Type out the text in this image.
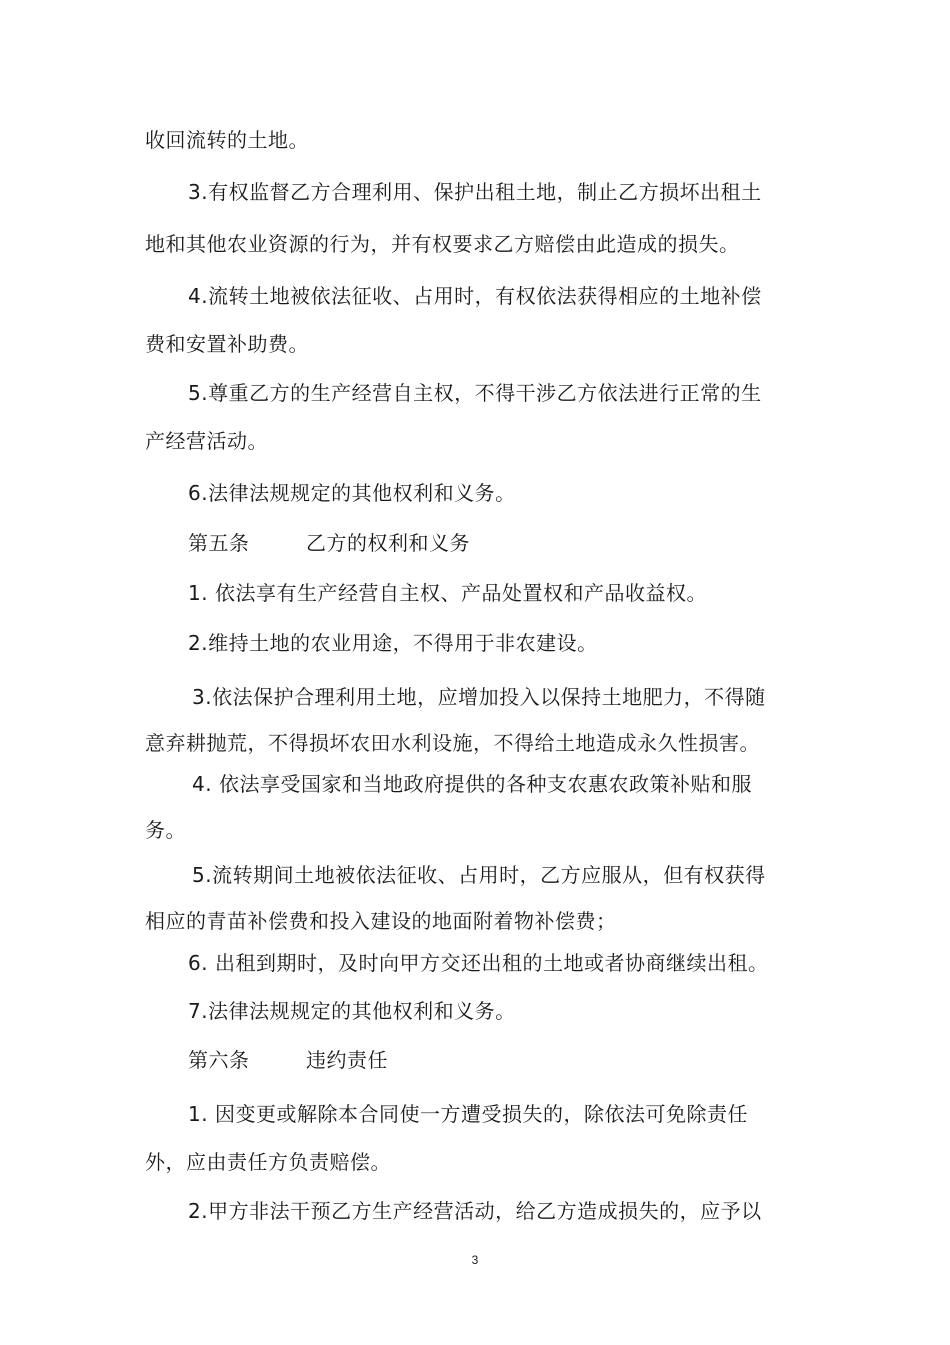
收回流转的土地。
3.有权监督乙方合理利用、保护出租土地，制止乙方损坏出租土
地和其他农业资源的行为，并有权要求乙方赔偿由此造成的损失。
4.流转土地被依法征收、占用时，有权依法获得相应的土地补偿
费和安置补助费。
5.尊重乙方的生产经营自主权，不得干涉乙方依法进行正常的生
产经营活动。
6.法律法规规定的其他权利和义务。
第五条	乙方的权利和义务
1. 依法享有生产经营自主权、产品处置权和产品收益权。
2.维持土地的农业用途，不得用于非农建设。
3.依法保护合理利用土地，应增加投入以保持土地肥力，不得随
意弃耕抛荒，不得损坏农田水利设施，不得给土地造成永久性损害。
4. 依法享受国家和当地政府提供的各种支农惠农政策补贴和服
务。
5.流转期间土地被依法征收、占用时，乙方应服从，但有权获得
相应的青苗补偿费和投入建设的地面附着物补偿费；
6. 出租到期时，及时向甲方交还出租的土地或者协商继续出租。
7.法律法规规定的其他权利和义务。
第六条	违约责任
1. 因变更或解除本合同使一方遭受损失的，除依法可免除责任
外，应由责任方负责赔偿。
2.甲方非法干预乙方生产经营活动，给乙方造成损失的，应予以
3
